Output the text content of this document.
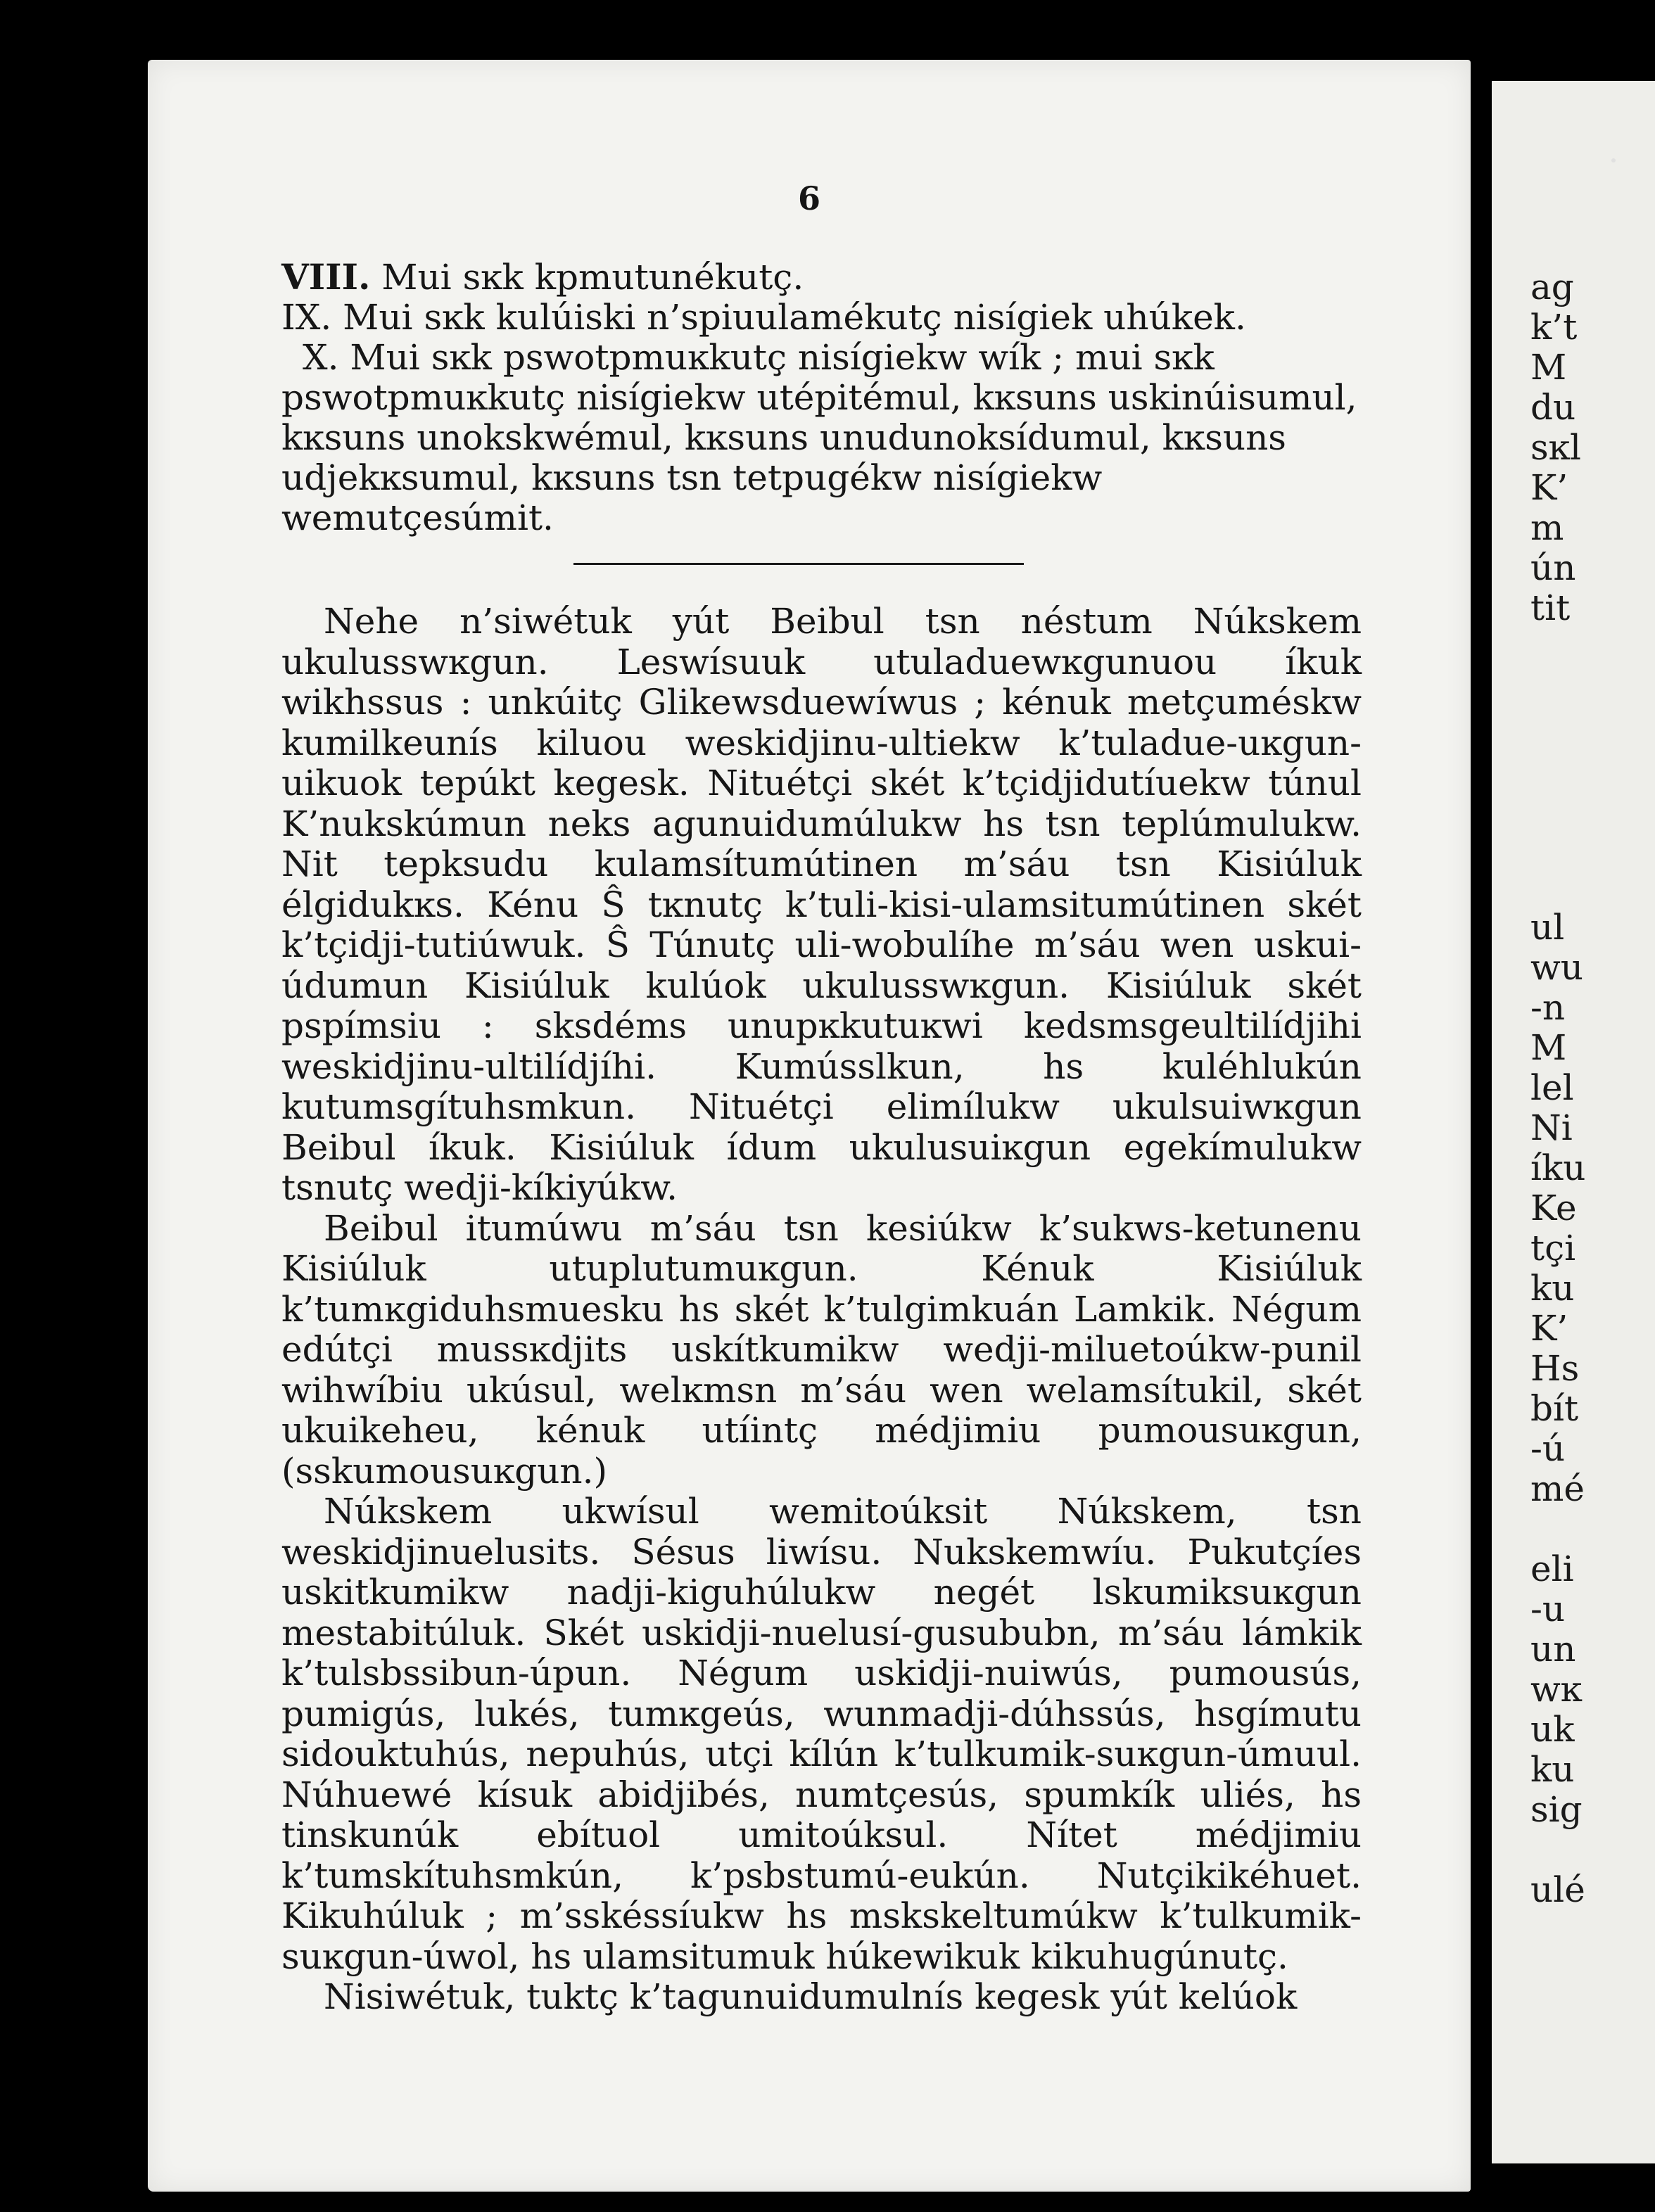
ag
k’t
M
du
sĸl
K’
m
ún
tit
ul
wu
-n
M
lel
Ni
íku
Ke
tçi
ku
K’
Hs
bít
-ú
mé
eli
-u
un
wĸ
uk
ku
sig
ulé
6

VIII. Mui sĸk kpmutunékutç.

IX. Mui sĸk kulúiski n’spiuulamékutç nisígiek uhúkek.

X. Mui sĸk pswotpmuĸkutç nisígiekw wík ; mui sĸk pswotpmuĸkutç nisígiekw utépitémul, kĸsuns uskinúisumul, kĸsuns unokskwémul, kĸsuns unudunoksídumul, kĸsuns udjekĸsumul, kĸsuns tsn tetpugékw nisígiekw wemutçesúmit.

Nehe n’siwétuk yút Beibul tsn néstum Núkskem ukulusswĸgun. Leswísuuk utuladuewĸgunuou íkuk wikhssus : unkúitç Glikewsduewíwus ; kénuk metçuméskw kumilkeunís kiluou weskidjinu-ultiekw k’tuladue-uĸgun-uikuok tepúkt kegesk. Nituétçi skét k’tçidjidutíuekw túnul K’nukskúmun neks agunuidumúlukw hs tsn teplúmulukw. Nit tepksudu kulamsítumútinen m’sáu tsn Kisiúluk élgidukĸs. Kénu Ŝ tĸnutç k’tuli-kisi-ulamsitumútinen skét k’tçidji-tutiúwuk. Ŝ Túnutç uli-wobulíhe m’sáu wen uskui-údumun Kisiúluk kulúok ukulusswĸgun. Kisiúluk skét pspímsiu : sksdéms unupĸkutuĸwi kedsmsgeultilídjihi weskidjinu-ultilídjíhi. Kumússlkun, hs kuléhlukún kutumsgítuhsmkun. Nituétçi elimílukw ukulsuiwĸgun Beibul íkuk. Kisiúluk ídum ukulusuiĸgun egekímulukw tsnutç wedji-kíkiyúkw.

Beibul itumúwu m’sáu tsn kesiúkw k’sukws-ketunenu Kisiúluk utuplutumuĸgun. Kénuk Kisiúluk k’tumĸgiduhsmuesku hs skét k’tulgimkuán Lamkik. Négum edútçi mussĸdjits uskítkumikw wedji-miluetoúkw-punil wihwíbiu ukúsul, welĸmsn m’sáu wen welamsítukil, skét ukuikeheu, kénuk utíintç médjimiu pumousuĸgun, (sskumousuĸgun.)

Núkskem ukwísul wemitoúksit Núkskem, tsn weskidjinuelusits. Sésus liwísu. Nukskemwíu. Pukutçíes uskitkumikw nadji-kiguhúlukw negét lskumiksuĸgun mestabitúluk. Skét uskidji-nuelusí-gusububn, m’sáu lámkik k’tulsbssibun-úpun. Négum uskidji-nuiwús, pumousús, pumigús, lukés, tumĸgeús, wunmadji-dúhssús, hsgímutu sidouktuhús, nepuhús, utçi kílún k’tulkumik-suĸgun-úmuul. Núhuewé kísuk abidjibés, numtçesús, spumkík uliés, hs tinskunúk ebítuol umitoúksul. Nítet médjimiu k’tumskítuhsmkún, k’psbstumú-eukún. Nutçikikéhuet. Kikuhúluk ; m’sskéssíukw hs mskskeltumúkw k’tulkumik-suĸgun-úwol, hs ulamsitumuk húkewikuk kikuhugúnutç.

Nisiwétuk, tuktç k’tagunuidumulnís kegesk yút kelúok
